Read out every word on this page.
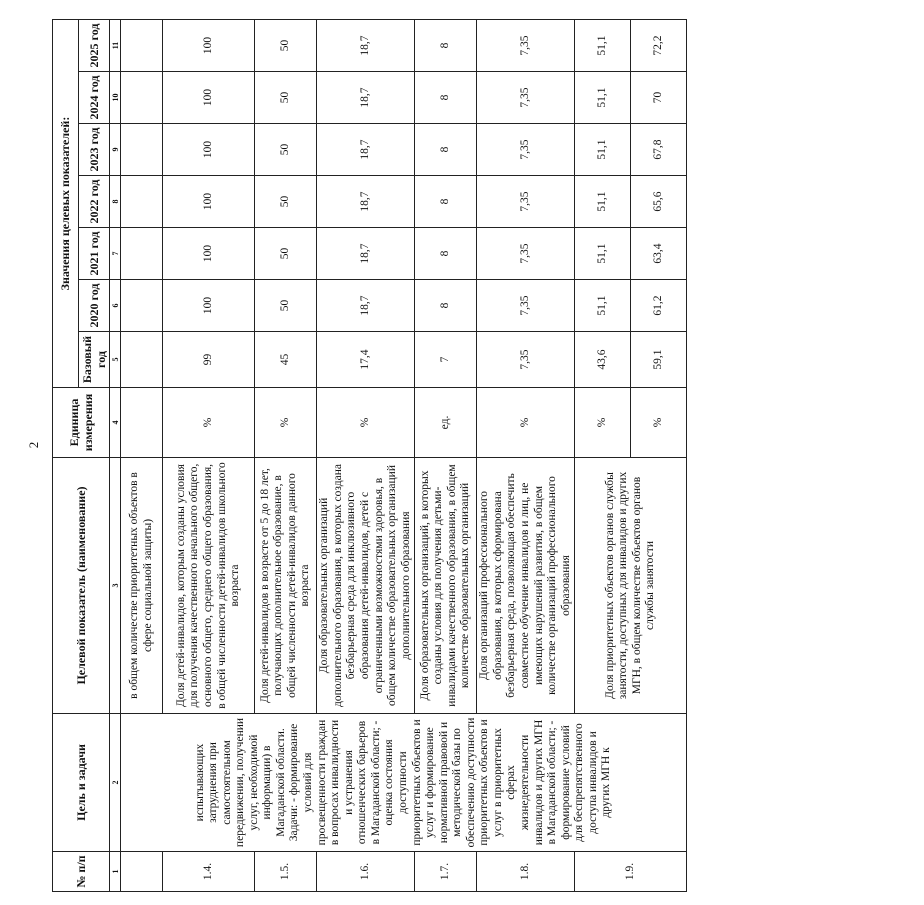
2
№ п/п	Цель и задачи	Целевой показатель (наименование)	Единица измерения	Значения целевых показателей:						
				Базовый год	2020 год	2021 год	2022 год	2023 год	2024 год	2025 год
1	2	3	4	5	6	7	8	9	10	11
	испытывающих затруднения при самостоятельном передвижении, получении услуг, необходимой информации) в Магаданской области. Задачи: - формирование условий для просвещенности граждан в вопросах инвалидности и устранения отношенческих барьеров в Магаданской области; - оценка состояния доступности приоритетных объектов и услуг и формирование нормативной правовой и методической базы по обеспечению доступности приоритетных объектов и услуг в приоритетных сферах жизнедеятельности инвалидов и других МГН в Магаданской области; - формирование условий для беспрепятственного доступа инвалидов и других МГН к	в общем количестве приоритетных объектов в сфере социальной защиты)								
1.4.		Доля детей-инвалидов, которым созданы условия для получения качественного начального общего, основного общего, среднего общего образования, в общей численности детей-инвалидов школьного возраста	%	99	100	100	100	100	100	100
1.5.		Доля детей-инвалидов в возрасте от 5 до 18 лет, получающих дополнительное образование, в общей численности детей-инвалидов данного возраста	%	45	50	50	50	50	50	50
1.6.		Доля образовательных организаций дополнительного образования, в которых создана безбарьерная среда для инклюзивного образования детей-инвалидов, детей с ограниченными возможностями здоровья, в общем количестве образовательных организаций дополнительного образования	%	17,4	18,7	18,7	18,7	18,7	18,7	18,7
1.7.		Доля образовательных организаций, в которых созданы условия для получения детьми-инвалидами качественного образования, в общем количестве образовательных организаций	ед.	7	8	8	8	8	8	8
1.8.		Доля организаций профессионального образования, в которых сформирована безбарьерная среда, позволяющая обеспечить совместное обучение инвалидов и лиц, не имеющих нарушений развития, в общем количестве организаций профессионального образования	%	7,35	7,35	7,35	7,35	7,35	7,35	7,35
1.9.		Доля приоритетных объектов органов службы занятости, доступных для инвалидов и других МГН, в общем количестве объектов органов службы занятости	%	43,6	51,1	51,1	51,1	51,1	51,1	51,1
			%	59,1	61,2	63,4	65,6	67,8	70	72,2
